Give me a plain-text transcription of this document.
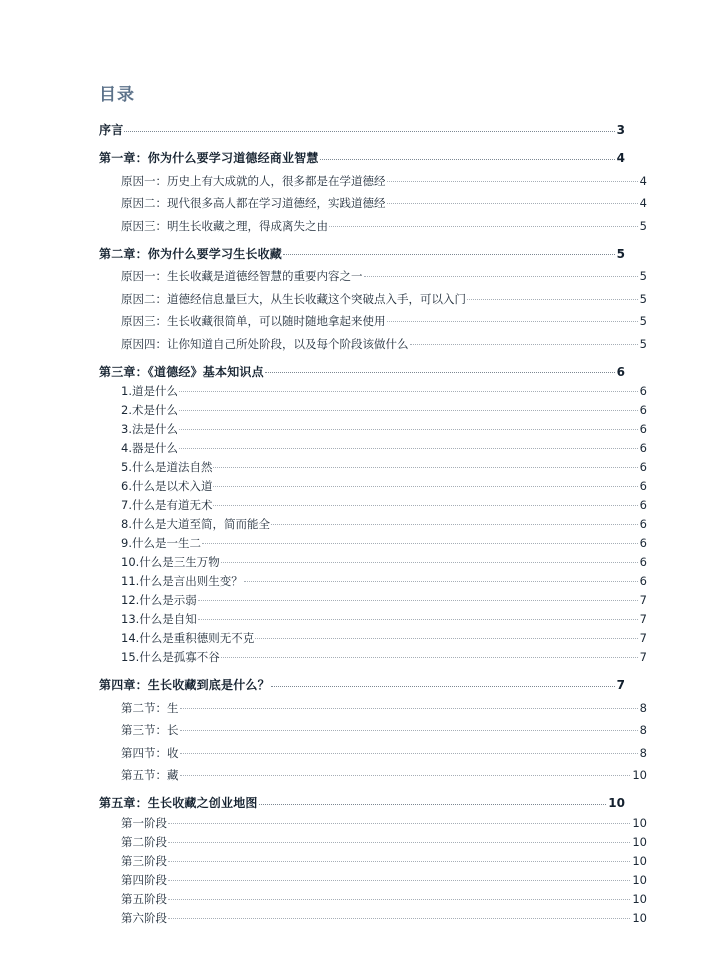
目录
序言	3
第一章：你为什么要学习道德经商业智慧	4
原因一：历史上有大成就的人，很多都是在学道德经	4
原因二：现代很多高人都在学习道德经，实践道德经	4
原因三：明生长收藏之理，得成离失之由	5
第二章：你为什么要学习生长收藏	5
原因一：生长收藏是道德经智慧的重要内容之一	5
原因二：道德经信息量巨大，从生长收藏这个突破点入手，可以入门	5
原因三：生长收藏很简单，可以随时随地拿起来使用	5
原因四：让你知道自己所处阶段，以及每个阶段该做什么	5
第三章：《道德经》基本知识点	6
1.道是什么	6
2.术是什么	6
3.法是什么	6
4.器是什么	6
5.什么是道法自然	6
6.什么是以术入道	6
7.什么是有道无术	6
8.什么是大道至简，简而能全	6
9.什么是一生二	6
10.什么是三生万物	6
11.什么是言出则生变？	6
12.什么是示弱	7
13.什么是自知	7
14.什么是重积德则无不克	7
15.什么是孤寡不谷	7
第四章：生长收藏到底是什么？	7
第二节：生	8
第三节：长	8
第四节：收	8
第五节：藏	10
第五章：生长收藏之创业地图	10
第一阶段	10
第二阶段	10
第三阶段	10
第四阶段	10
第五阶段	10
第六阶段	10
